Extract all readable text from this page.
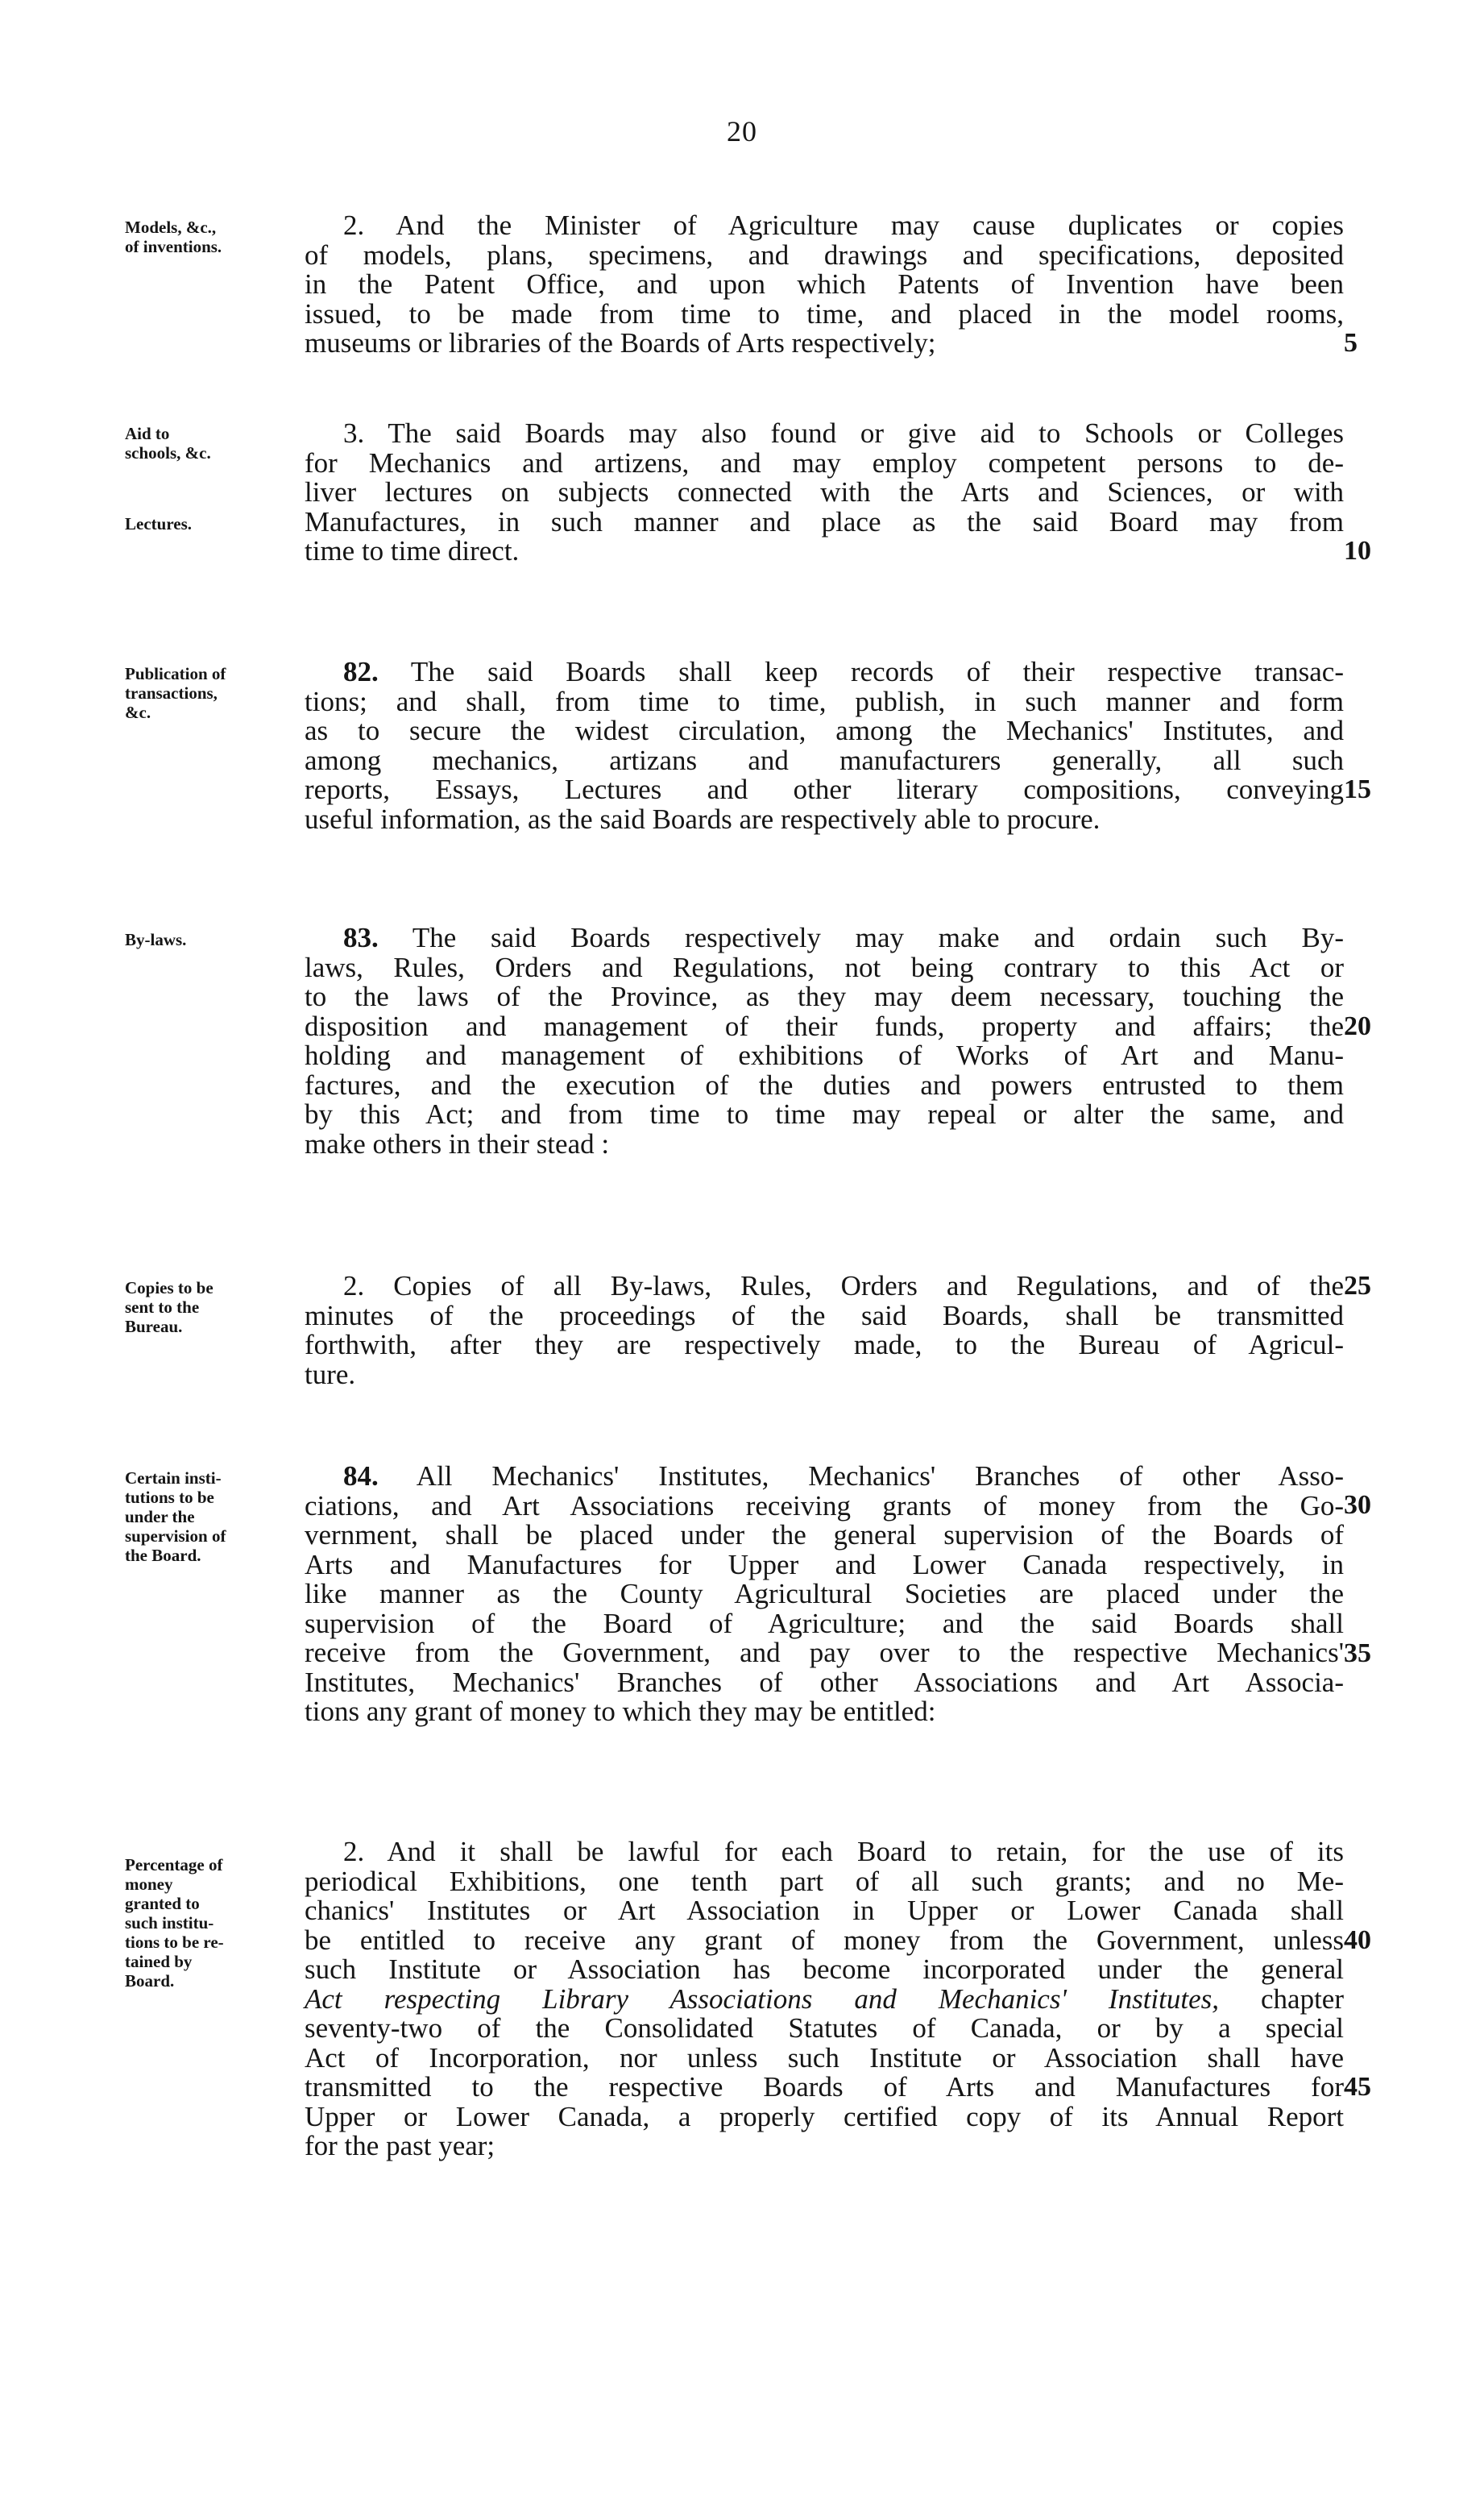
20
Models, &c.,
of inventions.
2. And the Minister of Agriculture may cause duplicates or copies
of models, plans, specimens, and drawings and specifications, deposited
in the Patent Office, and upon which Patents of Invention have been
issued, to be made from time to time, and placed in the model rooms,
museums or libraries of the Boards of Arts respectively;	5
Aid to
schools, &c.
Lectures.
3. The said Boards may also found or give aid to Schools or Colleges
for Mechanics and artizens, and may employ competent persons to de-
liver lectures on subjects connected with the Arts and Sciences, or with
Manufactures, in such manner and place as the said Board may from
time to time direct.	10
Publication of
transactions,
&c.
82. The said Boards shall keep records of their respective transac-
tions; and shall, from time to time, publish, in such manner and form
as to secure the widest circulation, among the Mechanics' Institutes, and
among mechanics, artizans and manufacturers generally, all such
reports, Essays, Lectures and other literary compositions, conveying
useful information, as the said Boards are respectively able to procure.
15
By-laws.	83. The said Boards respectively may make and ordain such By-
laws, Rules, Orders and Regulations, not being contrary to this Act or
to the laws of the Province, as they may deem necessary, touching the
disposition and management of their funds, property and affairs; the
holding and management of exhibitions of Works of Art and Manu-
factures, and the execution of the duties and powers entrusted to them
by this Act; and from time to time may repeal or alter the same, and
make others in their stead :
20
Copies to be
sent to the
Bureau.
2. Copies of all By-laws, Rules, Orders and Regulations, and of the
minutes of the proceedings of the said Boards, shall be transmitted
forthwith, after they are respectively made, to the Bureau of Agricul-
ture.
25
Certain insti-
tutions to be
under the
supervision of
the Board.
84. All Mechanics' Institutes, Mechanics' Branches of other Asso-
ciations, and Art Associations receiving grants of money from the Go-
vernment, shall be placed under the general supervision of the Boards of
Arts and Manufactures for Upper and Lower Canada respectively, in
like manner as the County Agricultural Societies are placed under the
supervision of the Board of Agriculture; and the said Boards shall
receive from the Government, and pay over to the respective Mechanics'
Institutes, Mechanics' Branches of other Associations and Art Associa-
tions any grant of money to which they may be entitled:
30
35
Percentage of
money
granted to
such institu-
tions to be re-
tained by
Board.
2. And it shall be lawful for each Board to retain, for the use of its
periodical Exhibitions, one tenth part of all such grants; and no Me-
chanics' Institutes or Art Association in Upper or Lower Canada shall
be entitled to receive any grant of money from the Government, unless
such Institute or Association has become incorporated under the general
Act respecting Library Associations and Mechanics' Institutes, chapter
seventy-two of the Consolidated Statutes of Canada, or by a special
Act of Incorporation, nor unless such Institute or Association shall have
transmitted to the respective Boards of Arts and Manufactures for
Upper or Lower Canada, a properly certified copy of its Annual Report
for the past year;
40
45
